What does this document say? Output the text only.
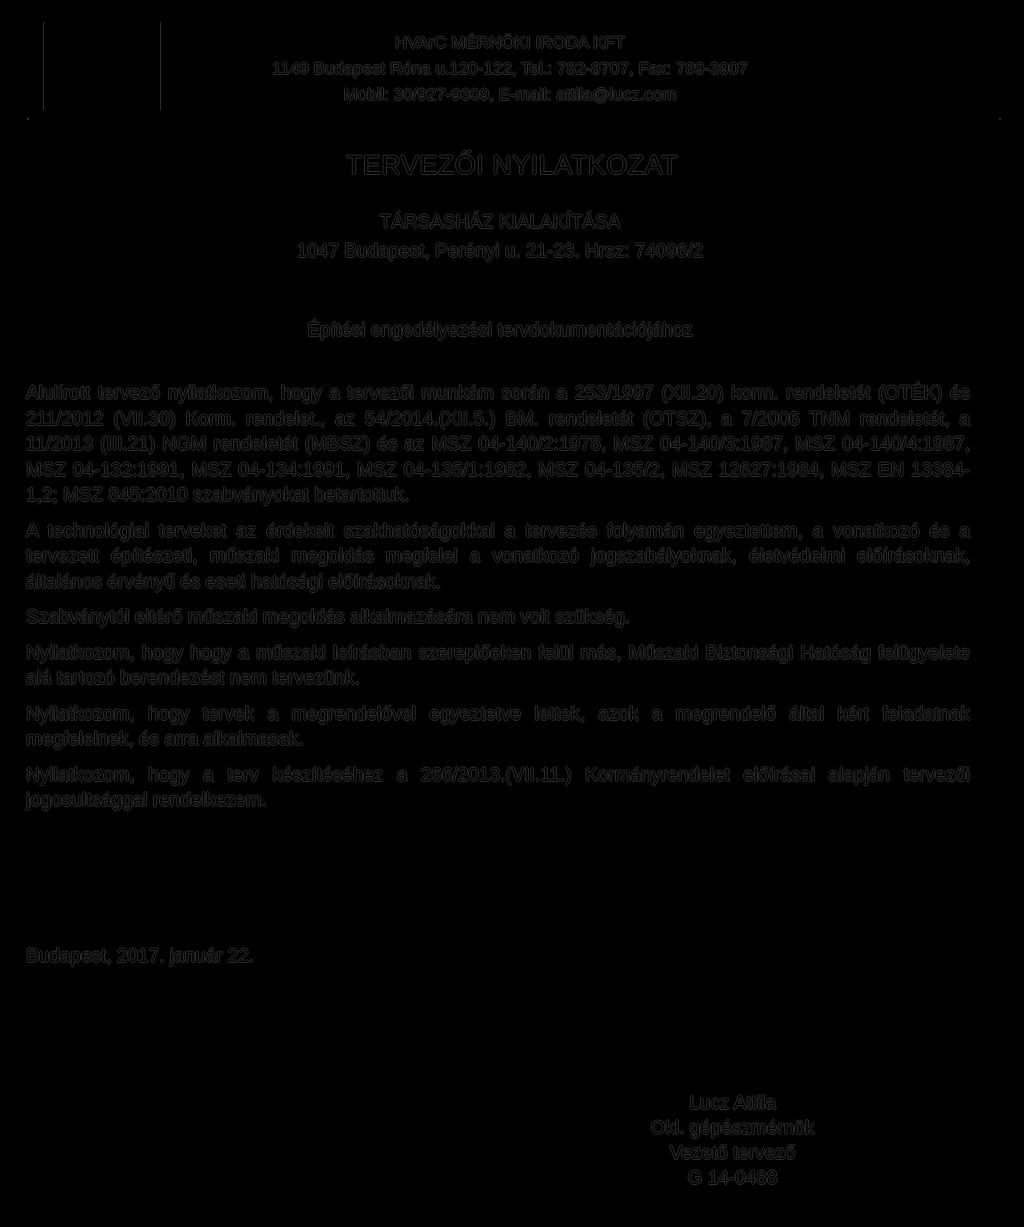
HVArC MÉRNÖKI IRODA KFT
1149 Budapest Róna u.120-122, Tel.: 782-8707, Fax: 789-3907
Mobil: 30/927-9309, E-mail: attila@lucz.com
TERVEZŐI NYILATKOZAT
TÁRSASHÁZ KIALAKÍTÁSA
1047 Budapest, Perényi u. 21-23. Hrsz: 74096/2
Építési engedélyezési tervdokumentációjához

Alulírott tervező nyilatkozom, hogy a tervezői munkám során a 253/1997 (XII.20) korm. rendeletét (OTÉK) és 211/2012 (VII.30) Korm. rendelet., az 54/2014.(XII.5.) BM. rendeletét (OTSZ), a 7/2006 TNM rendeletét, a 11/2013 (III.21) NGM rendeletét (MBSZ) és az MSZ 04-140/2:1978, MSZ 04-140/3:1987, MSZ 04-140/4:1987, MSZ 04-132:1991, MSZ 04-134:1991, MSZ 04-135/1:1982, MSZ 04-135/2, MSZ 12627:1984, MSZ EN 13384-1,2; MSZ 845:2010 szabványokat betartottuk.

A technológiai terveket az érdekelt szakhatóságokkal a tervezés folyamán egyeztettem, a vonatkozó és a tervezett építészeti, műszaki megoldás megfelel a vonatkozó jogszabályoknak, életvédelmi előírásoknak, általános érvényű és eseti hatósági előírásoknak.

Szabványtól eltérő műszaki megoldás alkalmazására nem volt szükség.

Nyilatkozom, hogy hogy a műszaki leírásban szereplőeken felül más, Műszaki Biztonsági Hatóság felügyelete alá tartozó berendezést nem tervezünk.

Nyilatkozom, hogy tervek a megrendelővel egyeztetve lettek, azok a megrendelő által kért feladatnak megfelelnek, és arra alkalmasak.

Nyilatkozom, hogy a terv készítéséhez a 266/2013.(VII.11.) Kormányrendelet előírásai alapján tervezői jogosultsággal rendelkezem.

Budapest, 2017. január 22.
Lucz Attila
Okl. gépészmérnök
Vezető tervező
G 14-0488
